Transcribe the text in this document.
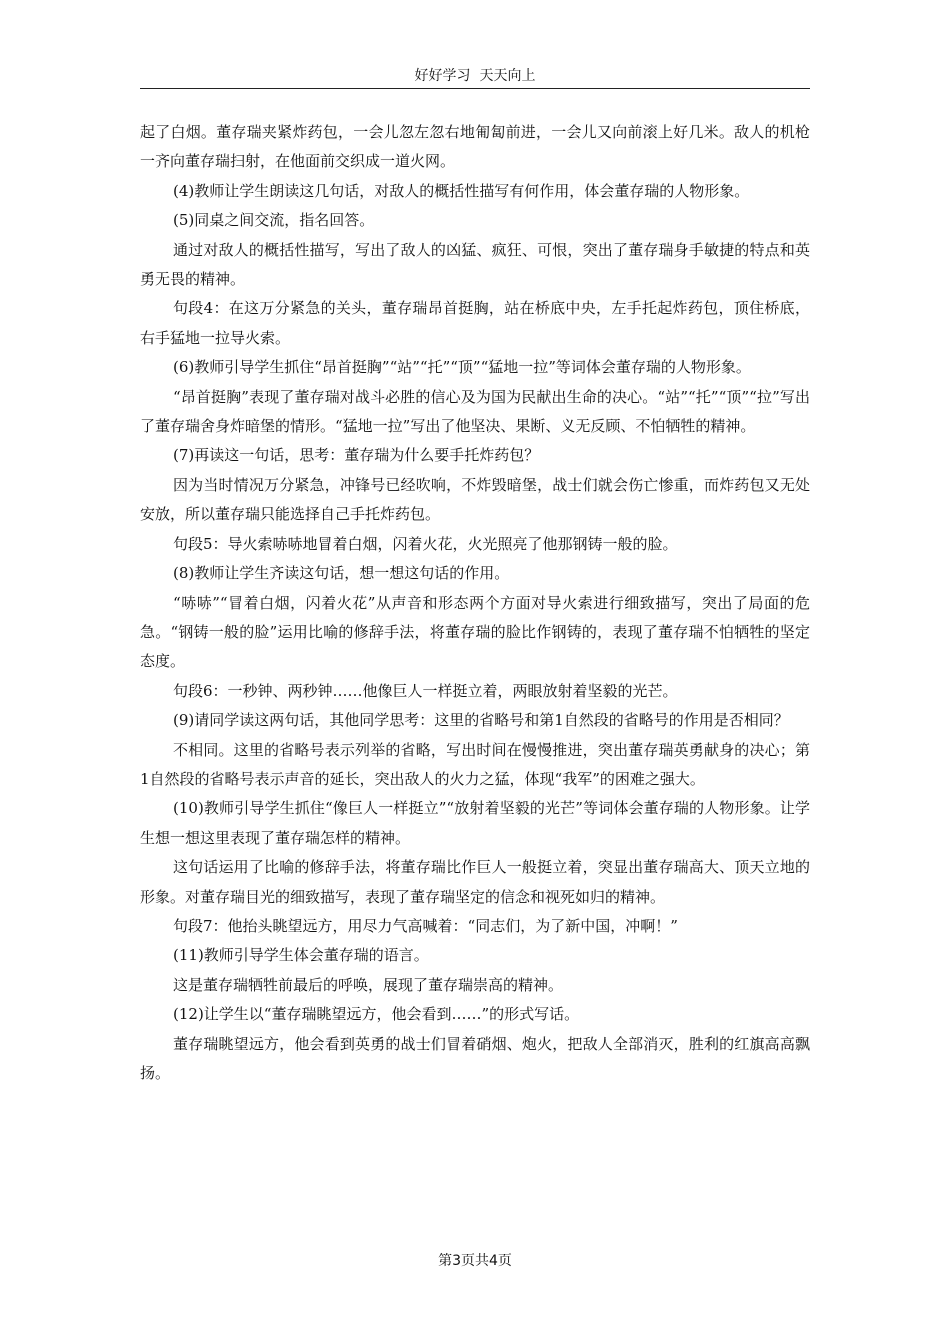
好好学习  天天向上

起了白烟。董存瑞夹紧炸药包，一会儿忽左忽右地匍匐前进，一会儿又向前滚上好几米。敌人的机枪一齐向董存瑞扫射，在他面前交织成一道火网。

(4)教师让学生朗读这几句话，对敌人的概括性描写有何作用，体会董存瑞的人物形象。

(5)同桌之间交流，指名回答。

通过对敌人的概括性描写，写出了敌人的凶猛、疯狂、可恨，突出了董存瑞身手敏捷的特点和英勇无畏的精神。

句段4：在这万分紧急的关头，董存瑞昂首挺胸，站在桥底中央，左手托起炸药包，顶住桥底，右手猛地一拉导火索。

(6)教师引导学生抓住“昂首挺胸”“站”“托”“顶”“猛地一拉”等词体会董存瑞的人物形象。

“昂首挺胸”表现了董存瑞对战斗必胜的信心及为国为民献出生命的决心。“站”“托”“顶”“拉”写出了董存瑞舍身炸暗堡的情形。“猛地一拉”写出了他坚决、果断、义无反顾、不怕牺牲的精神。

(7)再读这一句话，思考：董存瑞为什么要手托炸药包？

因为当时情况万分紧急，冲锋号已经吹响，不炸毁暗堡，战士们就会伤亡惨重，而炸药包又无处安放，所以董存瑞只能选择自己手托炸药包。

句段5：导火索哧哧地冒着白烟，闪着火花，火光照亮了他那钢铸一般的脸。

(8)教师让学生齐读这句话，想一想这句话的作用。

“哧哧”“冒着白烟，闪着火花”从声音和形态两个方面对导火索进行细致描写，突出了局面的危急。“钢铸一般的脸”运用比喻的修辞手法，将董存瑞的脸比作钢铸的，表现了董存瑞不怕牺牲的坚定态度。

句段6：一秒钟、两秒钟……他像巨人一样挺立着，两眼放射着坚毅的光芒。

(9)请同学读这两句话，其他同学思考：这里的省略号和第1自然段的省略号的作用是否相同？

不相同。这里的省略号表示列举的省略，写出时间在慢慢推进，突出董存瑞英勇献身的决心；第1自然段的省略号表示声音的延长，突出敌人的火力之猛，体现“我军”的困难之强大。

(10)教师引导学生抓住“像巨人一样挺立”“放射着坚毅的光芒”等词体会董存瑞的人物形象。让学生想一想这里表现了董存瑞怎样的精神。

这句话运用了比喻的修辞手法，将董存瑞比作巨人一般挺立着，突显出董存瑞高大、顶天立地的形象。对董存瑞目光的细致描写，表现了董存瑞坚定的信念和视死如归的精神。

句段7：他抬头眺望远方，用尽力气高喊着：“同志们，为了新中国，冲啊！”

(11)教师引导学生体会董存瑞的语言。

这是董存瑞牺牲前最后的呼唤，展现了董存瑞崇高的精神。

(12)让学生以“董存瑞眺望远方，他会看到……”的形式写话。

董存瑞眺望远方，他会看到英勇的战士们冒着硝烟、炮火，把敌人全部消灭，胜利的红旗高高飘扬。

第3页共4页
